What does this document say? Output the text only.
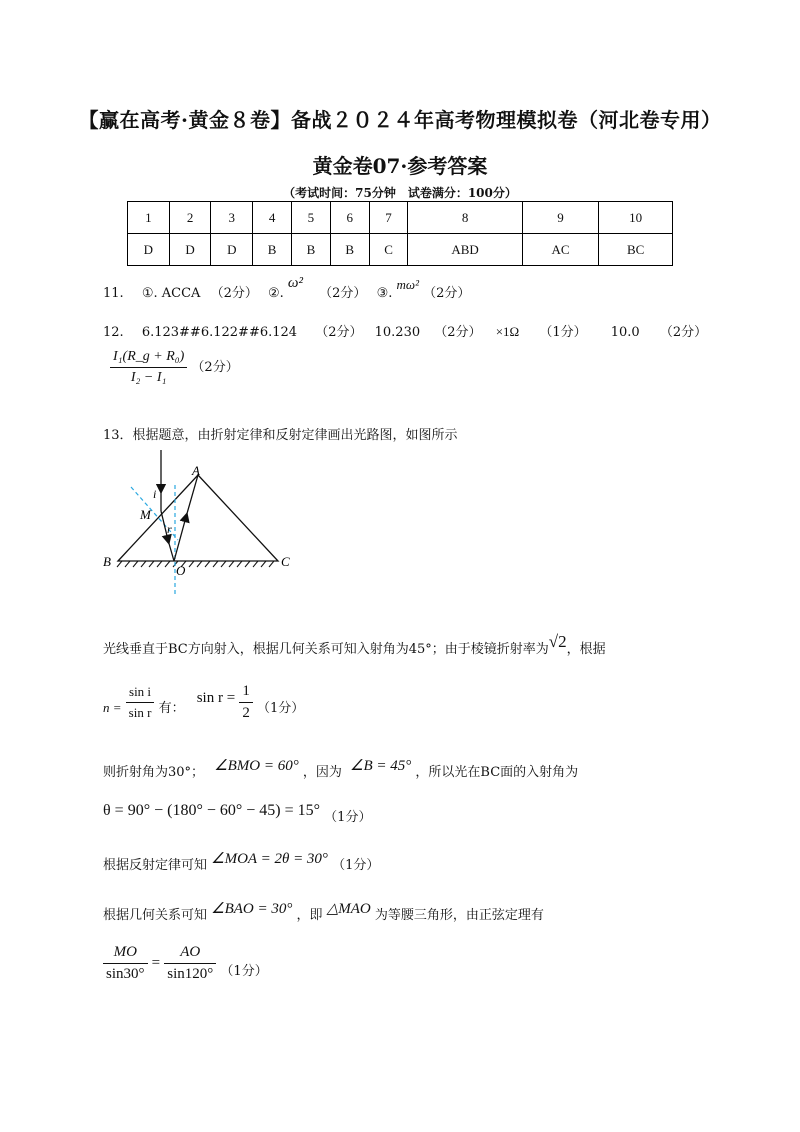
【赢在高考·黄金８卷】备战２０２４年高考物理模拟卷（河北卷专用）
黄金卷07·参考答案
（考试时间：75分钟　试卷满分：100分）
1	2	3	4	5	6	7	8	9	10
D	D	D	B	B	B	C	ABD	AC	BC
11. ①. ACCA （2分） ②. ω² （2分） ③. mω² （2分）
12. 6.123##6.122##6.124 （2分） 10.230 （2分） ×1Ω （1分） 10.0 （2分）
$\frac{\text{I₁(R\_g + R₀)}}{\text{I₂ − I₁}} (2$分）
13．根据题意，由折射定律和反射定律画出光路图，如图所示
A
B	C
M
O
i
r
光线垂直于BC方向射入，根据几何关系可知入射角为45°；由于棱镜折射率为√2，根据
$n = \frac{\text{sin i}}{\text{sin r}}$ 有： $\sin r = \frac{1}{2} (1$分）
则折射角为30°； ∠BMO = 60° ，因为 ∠B = 45° ，所以光在BC面的入射角为
θ = 90° − (180° − 60° − 45) = 15° （1分）
根据反射定律可知 ∠MOA = 2θ = 30° （1分）
根据几何关系可知 ∠BAO = 30° ，即 △MAO 为等腰三角形，由正弦定理有
$\frac{MO}{\sin 30^\circ} = \frac{AO}{\sin 120^\circ} (1$分）
